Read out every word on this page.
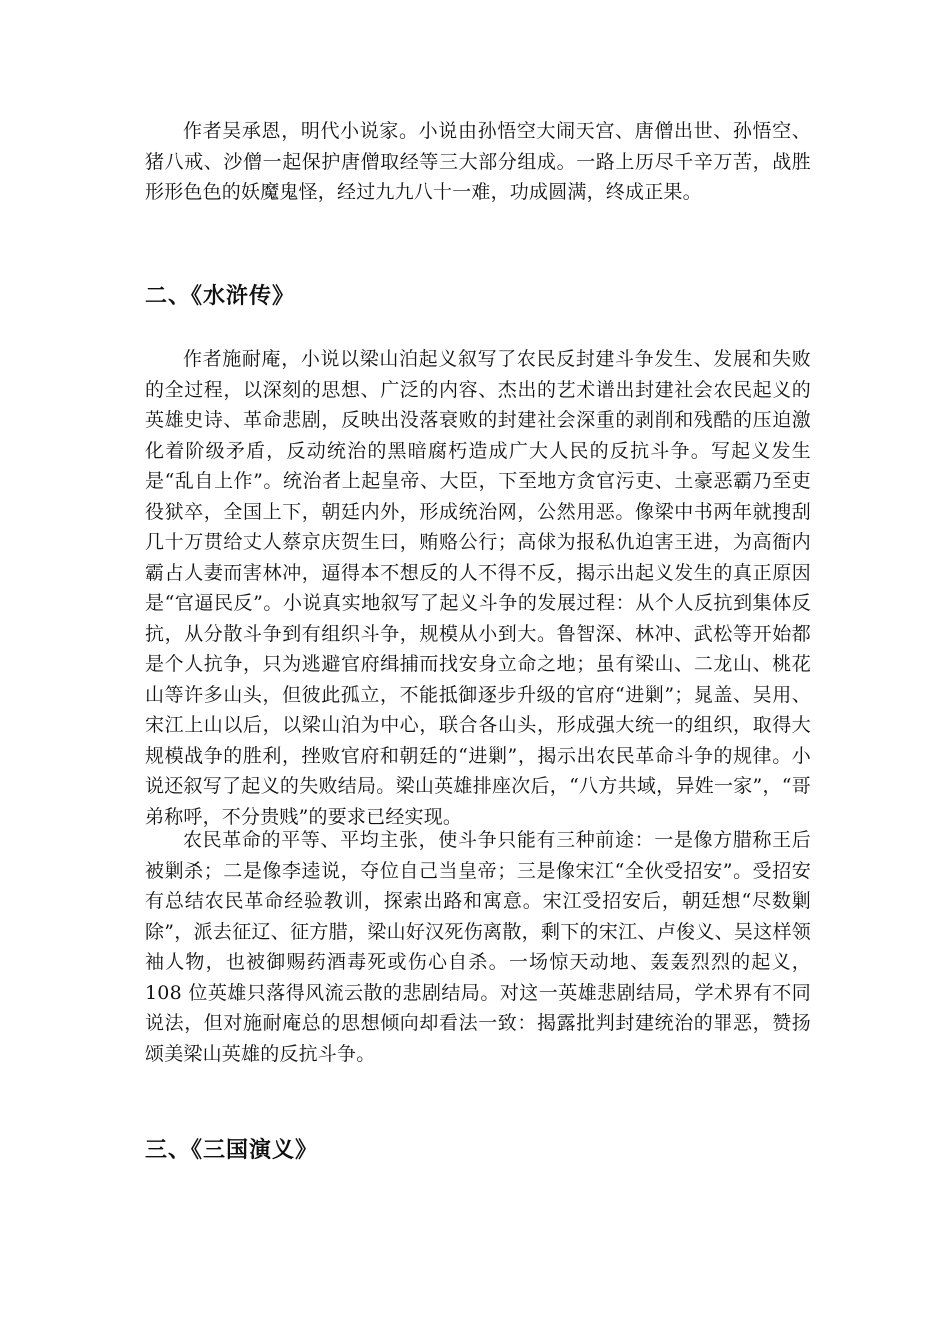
作者吴承恩，明代小说家。小说由孙悟空大闹天宫、唐僧出世、孙悟空、猪八戒、沙僧一起保护唐僧取经等三大部分组成。一路上历尽千辛万苦，战胜形形色色的妖魔鬼怪，经过九九八十一难，功成圆满，终成正果。

二、《水浒传》

作者施耐庵，小说以梁山泊起义叙写了农民反封建斗争发生、发展和失败的全过程，以深刻的思想、广泛的内容、杰出的艺术谱出封建社会农民起义的英雄史诗、革命悲剧，反映出没落衰败的封建社会深重的剥削和残酷的压迫激化着阶级矛盾，反动统治的黑暗腐朽造成广大人民的反抗斗争。写起义发生是“乱自上作”。统治者上起皇帝、大臣，下至地方贪官污吏、土豪恶霸乃至吏役狱卒，全国上下，朝廷内外，形成统治网，公然用恶。像梁中书两年就搜刮几十万贯给丈人蔡京庆贺生曰，贿赂公行；高俅为报私仇迫害王进，为高衙内霸占人妻而害林冲，逼得本不想反的人不得不反，揭示出起义发生的真正原因是“官逼民反”。小说真实地叙写了起义斗争的发展过程：从个人反抗到集体反抗，从分散斗争到有组织斗争，规模从小到大。鲁智深、林冲、武松等开始都是个人抗争，只为逃避官府缉捕而找安身立命之地；虽有梁山、二龙山、桃花山等许多山头，但彼此孤立，不能抵御逐步升级的官府“进剿”；晁盖、吴用、宋江上山以后，以梁山泊为中心，联合各山头，形成强大统一的组织，取得大规模战争的胜利，挫败官府和朝廷的“进剿”，揭示出农民革命斗争的规律。小说还叙写了起义的失败结局。梁山英雄排座次后，“八方共域，异姓一家”，“哥弟称呼，不分贵贱”的要求已经实现。

农民革命的平等、平均主张，使斗争只能有三种前途：一是像方腊称王后被剿杀；二是像李逵说，夺位自己当皇帝；三是像宋江“全伙受招安”。受招安有总结农民革命经验教训，探索出路和寓意。宋江受招安后，朝廷想“尽数剿除”，派去征辽、征方腊，梁山好汉死伤离散，剩下的宋江、卢俊义、吴这样领袖人物，也被御赐药酒毒死或伤心自杀。一场惊天动地、轰轰烈烈的起义，108 位英雄只落得风流云散的悲剧结局。对这一英雄悲剧结局，学术界有不同说法，但对施耐庵总的思想倾向却看法一致：揭露批判封建统治的罪恶，赞扬颂美梁山英雄的反抗斗争。

三、《三国演义》
